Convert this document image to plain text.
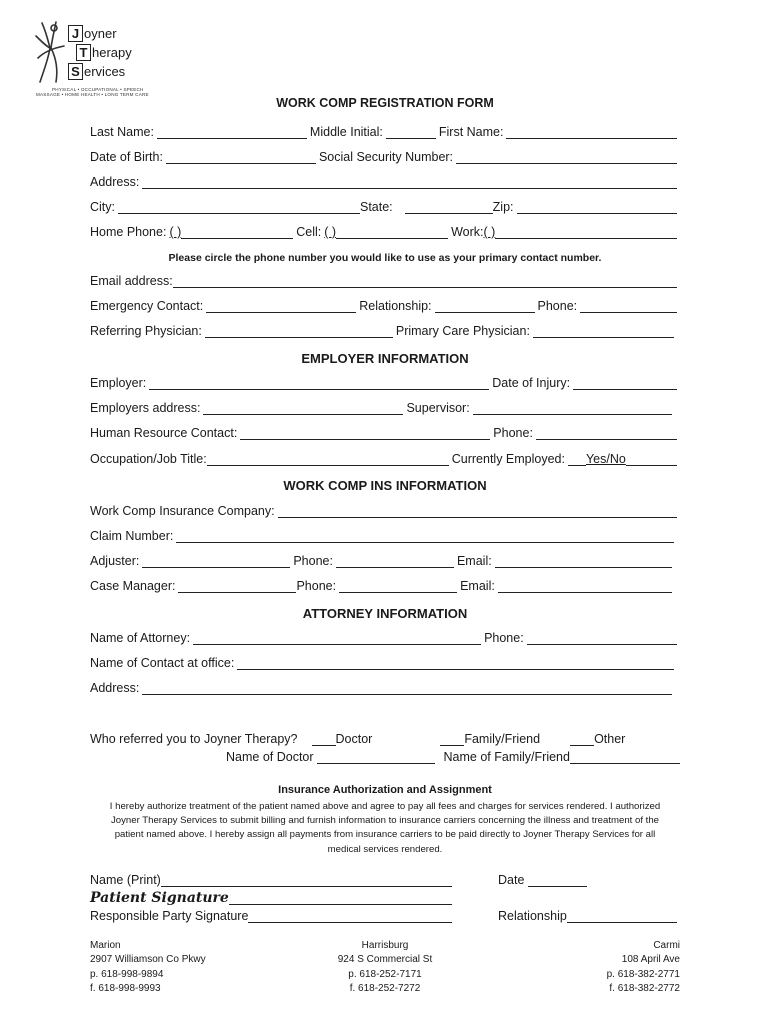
J oyner
T herapy
S ervices
PHYSICAL • OCCUPATIONAL • SPEECH
MASSAGE • HOME HEALTH • LONG TERM CARE
WORK COMP REGISTRATION FORM
Last Name:	Middle Initial:	First Name:
Date of Birth:	Social Security Number:
Address:
City:	State:	Zip:
Home Phone: ( )	Cell: ( )	Work: ( )
Please circle the phone number you would like to use as your primary contact number.
Email address:
Emergency Contact:	Relationship:	Phone:
Referring Physician:	Primary Care Physician:
EMPLOYER INFORMATION
Employer:	Date of Injury:
Employers address:	Supervisor:
Human Resource Contact:	Phone:
Occupation/Job Title:	Currently Employed: Yes/No
WORK COMP INS INFORMATION
Work Comp Insurance Company:
Claim Number:
Adjuster:	Phone:	Email:
Case Manager:	Phone:	Email:
ATTORNEY INFORMATION
Name of Attorney:	Phone:
Name of Contact at office:
Address:
Who referred you to Joyner Therapy?	Doctor	Family/Friend	Other
Name of Doctor	Name of Family/Friend
Insurance Authorization and Assignment
I hereby authorize treatment of the patient named above and agree to pay all fees and charges for services rendered. I authorized Joyner Therapy Services to submit billing and furnish information to insurance carriers concerning the illness and treatment of the patient named above. I hereby assign all payments from insurance carriers to be paid directly to Joyner Therapy Services for all medical services rendered.
Name (Print)	Date
Patient Signature
Responsible Party Signature	Relationship
Marion
2907 Williamson Co Pkwy
p. 618-998-9894
f. 618-998-9993
Harrisburg
924 S Commercial St
p. 618-252-7171
f. 618-252-7272
Carmi
108 April Ave
p. 618-382-2771
f. 618-382-2772
